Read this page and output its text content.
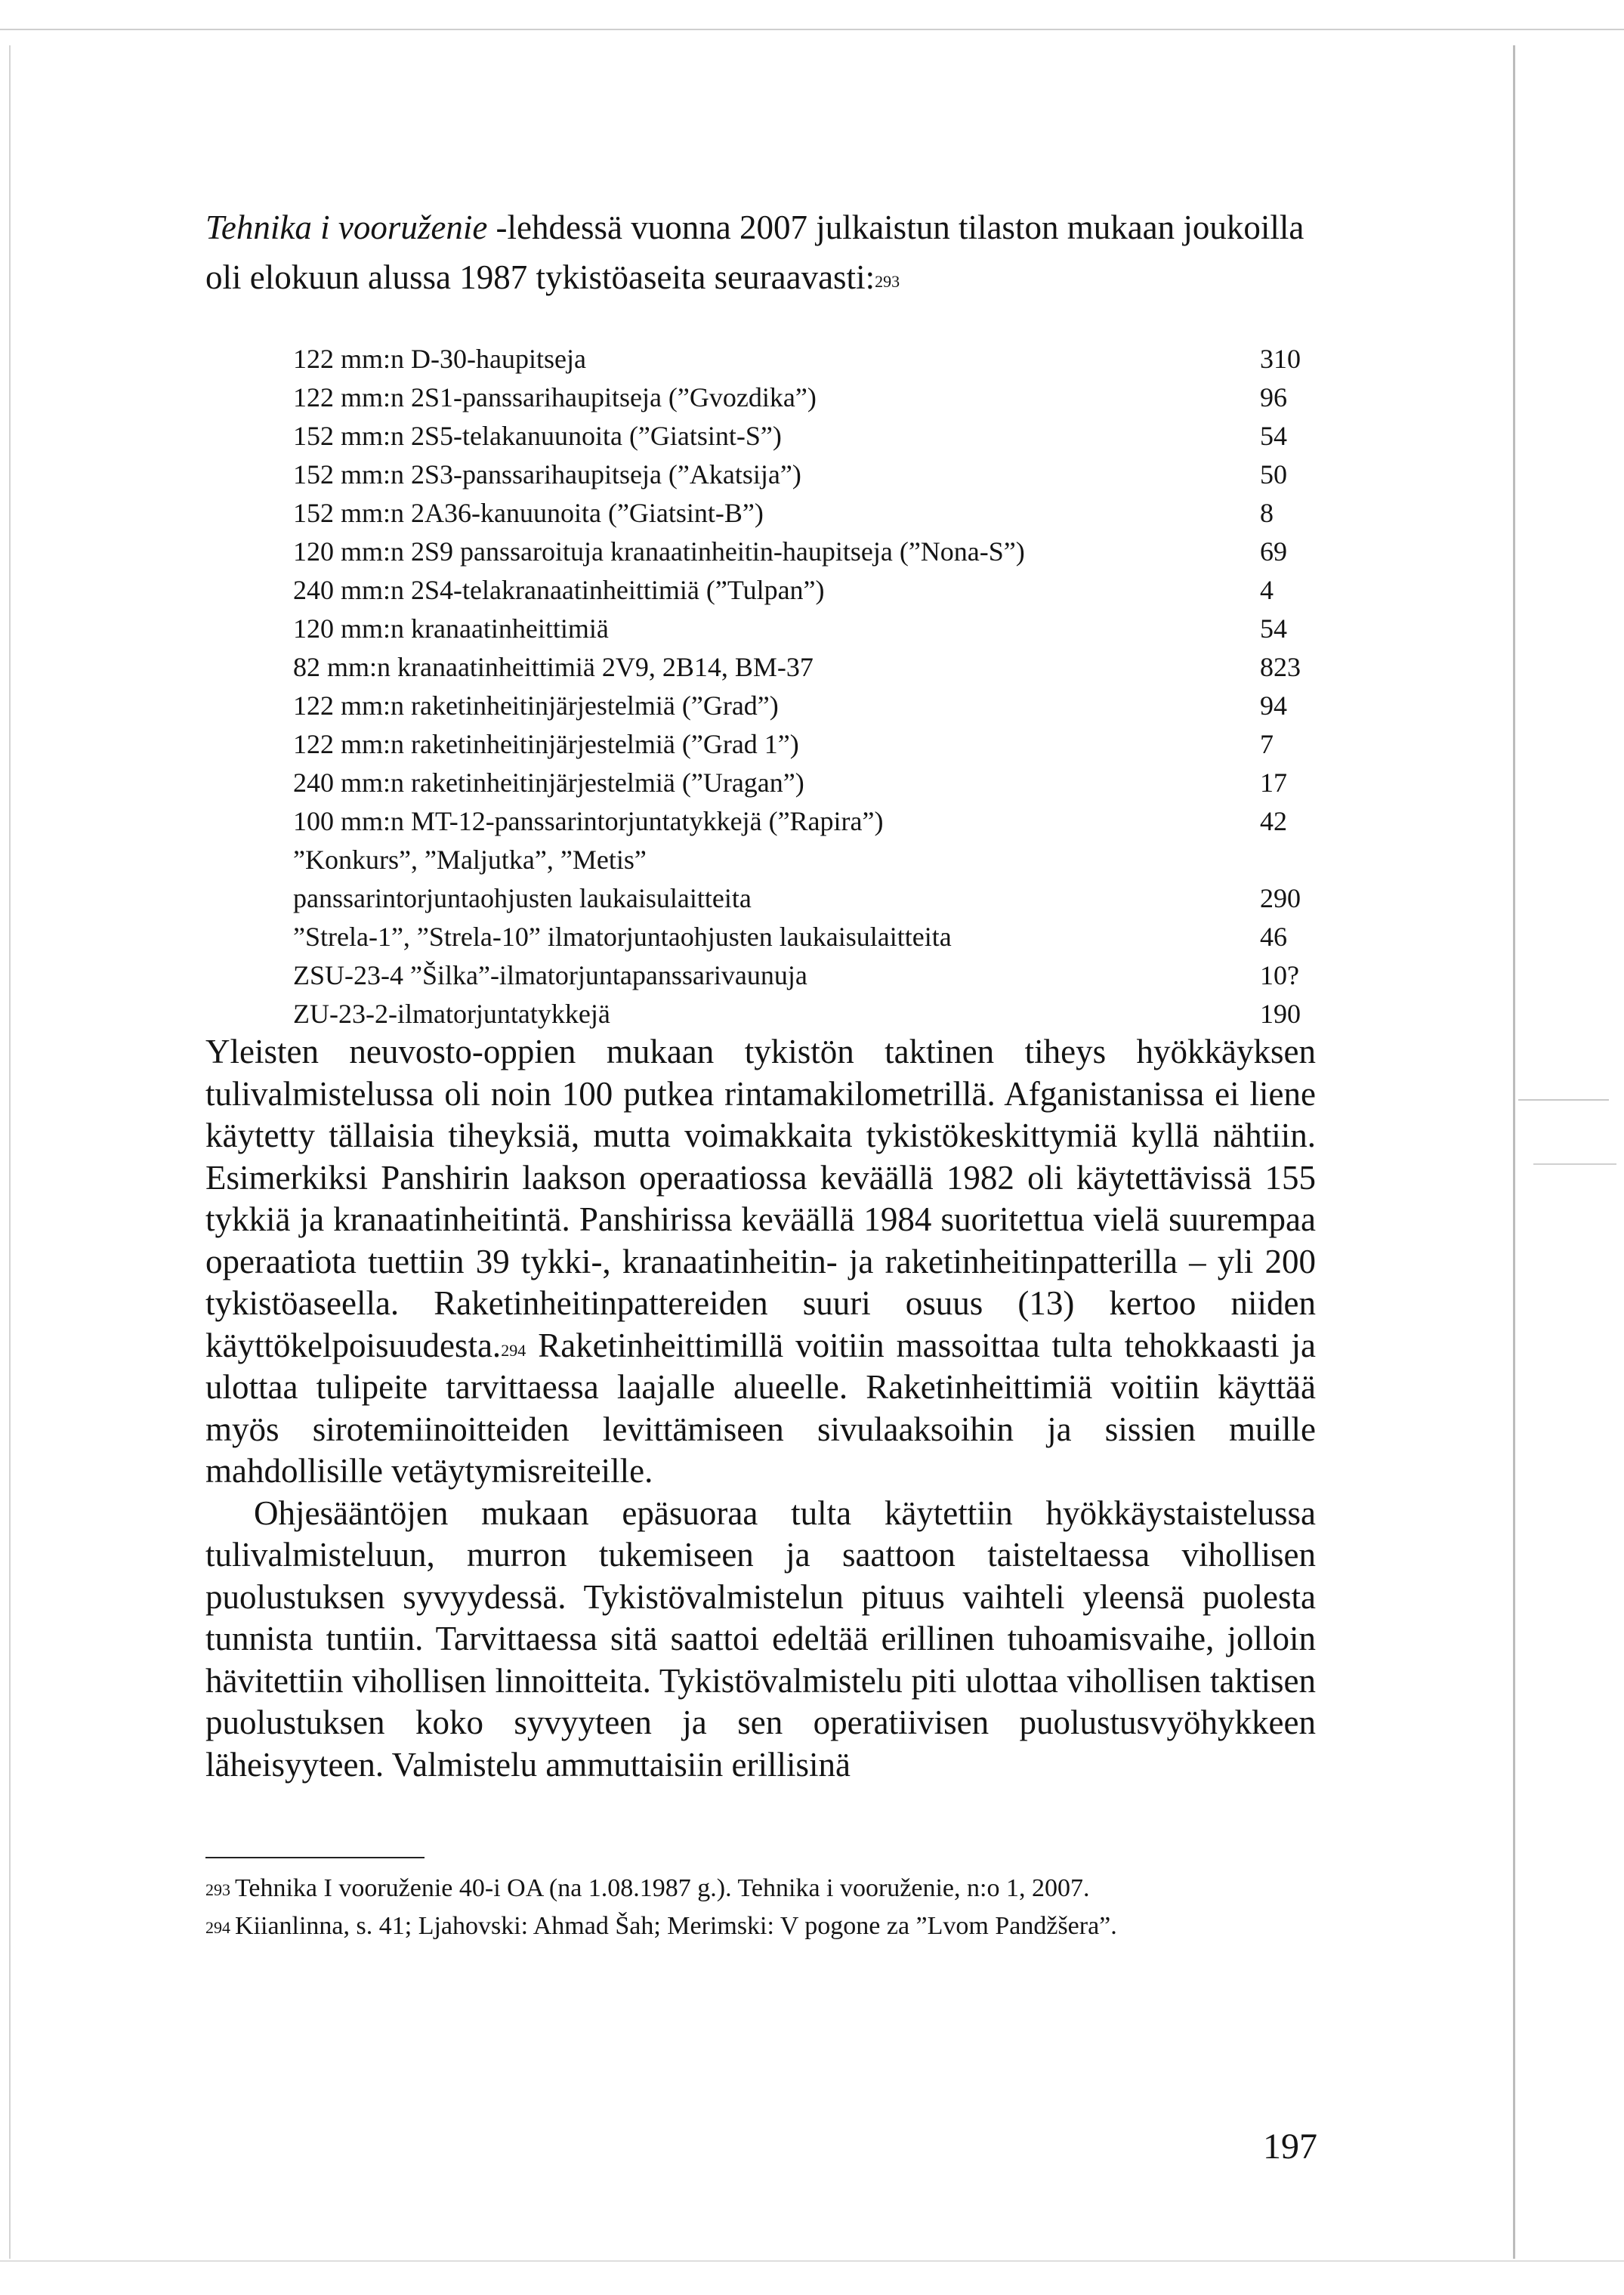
Tehnika i vooruženie -lehdessä vuonna 2007 julkaistun tilaston mukaan joukoilla oli elokuun alussa 1987 tykistöaseita seuraavasti:$^{293}$

122 mm:n D-30-haupitseja	310
122 mm:n 2S1-panssarihaupitseja (”Gvozdika”)	96
152 mm:n 2S5-telakanuunoita (”Giatsint-S”)	54
152 mm:n 2S3-panssarihaupitseja (”Akatsija”)	50
152 mm:n 2A36-kanuunoita (”Giatsint-B”)	8
120 mm:n 2S9 panssaroituja kranaatinheitin-haupitseja (”Nona-S”)	69
240 mm:n 2S4-telakranaatinheittimiä (”Tulpan”)	4
120 mm:n kranaatinheittimiä	54
82 mm:n kranaatinheittimiä 2V9, 2B14, BM-37	823
122 mm:n raketinheitinjärjestelmiä (”Grad”)	94
122 mm:n raketinheitinjärjestelmiä (”Grad 1”)	7
240 mm:n raketinheitinjärjestelmiä (”Uragan”)	17
100 mm:n MT-12-panssarintorjuntatykkejä (”Rapira”)	42
”Konkurs”, ”Maljutka”, ”Metis”
panssarintorjuntaohjusten laukaisulaitteita	290
”Strela-1”, ”Strela-10” ilmatorjuntaohjusten laukaisulaitteita	46
ZSU-23-4 ”Šilka”-ilmatorjuntapanssarivaunuja	10?
ZU-23-2-ilmatorjuntatykkejä	190

Yleisten neuvosto-oppien mukaan tykistön taktinen tiheys hyökkäyksen tulivalmistelussa oli noin 100 putkea rintamakilometrillä. Afganistanissa ei liene käytetty tällaisia tiheyksiä, mutta voimakkaita tykistökeskittymiä kyllä nähtiin. Esimerkiksi Panshirin laakson operaatiossa keväällä 1982 oli käytettävissä 155 tykkiä ja kranaatinheitintä. Panshirissa keväällä 1984 suoritettua vielä suurempaa operaatiota tuettiin 39 tykki-, kranaatinheitin- ja raketinheitinpatterilla – yli 200 tykistöaseella. Raketinheitinpattereiden suuri osuus (13) kertoo niiden käyttökelpoisuudesta.$^{294}$ Raketinheittimillä voitiin massoittaa tulta tehokkaasti ja ulottaa tulipeite tarvittaessa laajalle alueelle. Raketinheittimiä voitiin käyttää myös sirotemiinoitteiden levittämiseen sivulaaksoihin ja sissien muille mahdollisille vetäytymisreiteille.

Ohjesääntöjen mukaan epäsuoraa tulta käytettiin hyökkäystaistelussa tulivalmisteluun, murron tukemiseen ja saattoon taisteltaessa vihollisen puolustuksen syvyydessä. Tykistövalmistelun pituus vaihteli yleensä puolesta tunnista tuntiin. Tarvittaessa sitä saattoi edeltää erillinen tuhoamisvaihe, jolloin hävitettiin vihollisen linnoitteita. Tykistövalmistelu piti ulottaa vihollisen taktisen puolustuksen koko syvyyteen ja sen operatiivisen puolustusvyöhykkeen läheisyyteen. Valmistelu ammuttaisiin erillisinä

$^{293}$ Tehnika I vooruženie 40-i OA (na 1.08.1987 g.). Tehnika i vooruženie, n:o 1, 2007.
$^{294}$ Kiianlinna, s. 41; Ljahovski: Ahmad Šah; Merimski: V pogone za ”Lvom Pandžšera”.
197
